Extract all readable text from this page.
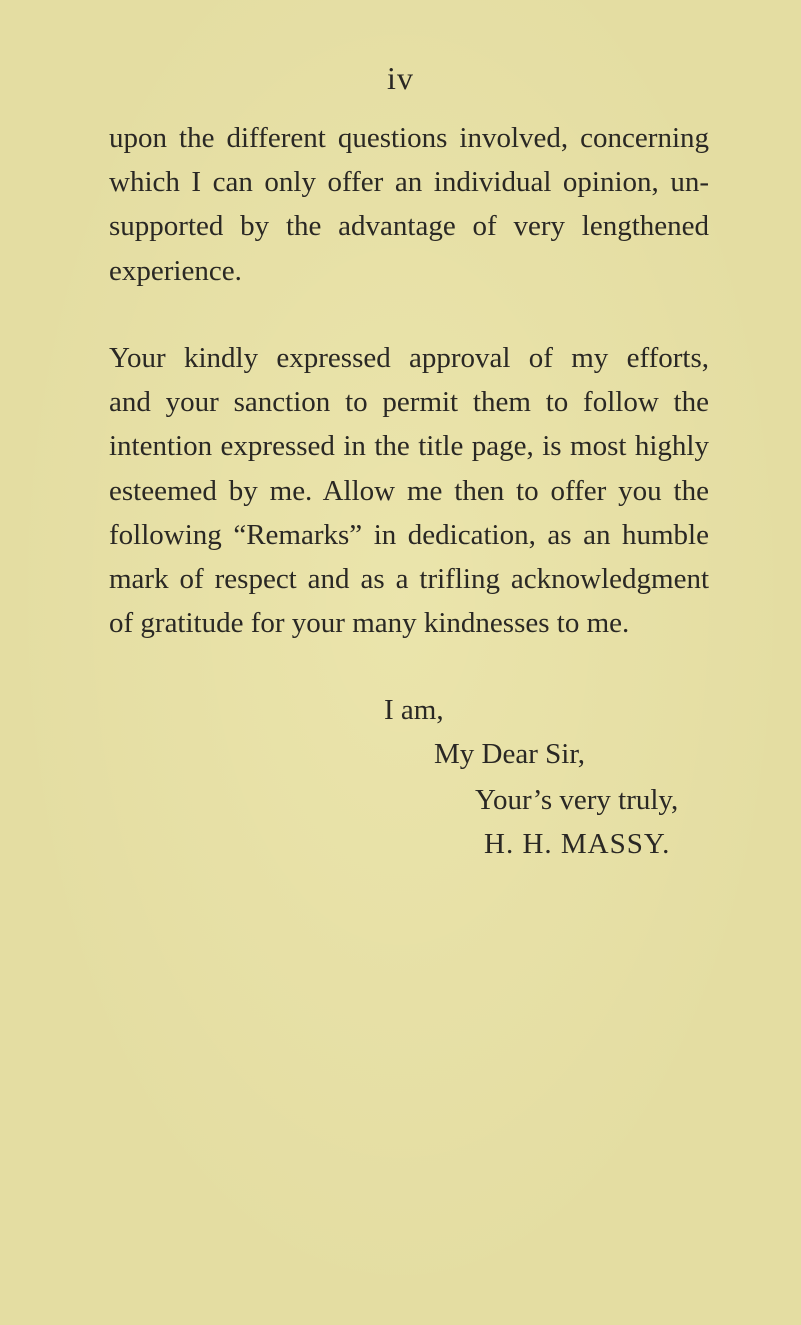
iv
upon the different questions involved, concerning
which I can only offer an individual opinion, un-
supported by the advantage of very lengthened
experience.
Your kindly expressed approval of my efforts,
and your sanction to permit them to follow the
intention expressed in the title page, is most highly
esteemed by me. Allow me then to offer you the
following “Remarks” in dedication, as an humble
mark of respect and as a trifling acknowledgment
of gratitude for your many kindnesses to me.
I am,
My Dear Sir,
Your’s very truly,
H. H. MASSY.
